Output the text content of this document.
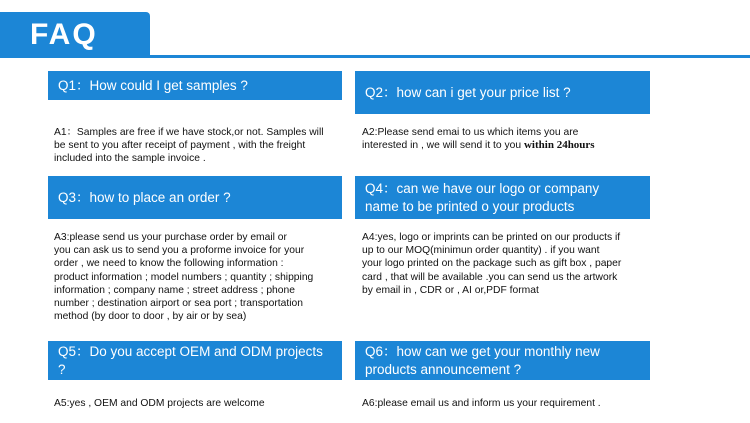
FAQ
Q1：How could I get samples ?
A1：Samples are free if we have stock,or not. Samples will
be sent to you after receipt of payment , with the freight
included into the sample invoice .
Q2：how can i get your price list ?
A2:Please send emai to us which items you are
interested in , we will send it to you within 24hours
Q3：how to place an order ?
A3:please send us your purchase order by email or
you can ask us to send you a proforme invoice for your
order , we need to know the following information :
product information ; model numbers ; quantity ; shipping
information ; company name ; street address ; phone
number ; destination airport or sea port ; transportation
method (by door to door , by air or by sea)
Q4：can we have our logo or company
name to be printed o your products
A4:yes, logo or imprints can be printed on our products if
up to our MOQ(minimun order quantity) . if you want
your logo printed on the package such as gift box , paper
card , that will be available .you can send us the artwork
by email in , CDR or , AI or,PDF format
Q5：Do you accept OEM and ODM projects ?
A5:yes , OEM and ODM projects are welcome
Q6：how can we get your monthly new
products announcement ?
A6:please email us and inform us your requirement .
